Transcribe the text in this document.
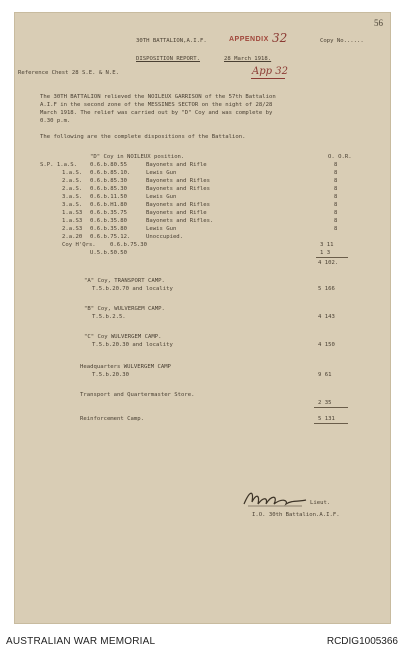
56
30TH BATTALION,A.I.F.	APPENDIX 32	Copy No......
DISPOSITION REPORT.	28 March 1918.
Reference Chest 28 S.E. & N.E.	App 32
The 30TH BATTALION relieved the NOILEUX GARRISON of the 57th Battalion
A.I.F in the second zone of the MESSINES SECTOR on the night of 28/28
March 1918. The relief was carried out by "D" Coy and was complete by
0.30 p.m.
The following are the complete dispositions of the Battalion.
"D" Coy in NOILEUX position.	O. O.R.
S.P. 1.a.S. 0.6.b.80.55	Bayonets and Rifle	8
1.a.S. 0.6.b.85.10.	Lewis Gun	8
2.a.S. 0.6.b.85.30	Bayonets and Rifles	8
2.a.S. 0.6.b.85.30	Bayonets and Rifles	8
3.a.S. 0.6.b.11.50	Lewis Gun	8
3.a.S. 0.6.b.H1.80	Bayonets and Rifles	8
1.a.S3 0.6.b.35.75	Bayonets and Rifle	8
1.a.S3 0.6.b.35.80	Bayonets and Rifles.	8
2.a.S3 0.6.b.35.80	Lewis Gun	8
2.a.20 0.6.b.75.12.	Unoccupied.
Coy H'Qrs.	0.6.b.75.30	3 11
U.5.b.50.50	1 3
4 102.
"A" Coy, TRANSPORT CAMP.
T.5.b.20.70 and locality	5 166
"B" Coy, WULVERGEM CAMP.
T.5.b.2.5.	4 143
"C" Coy WULVERGEM CAMP.
T.5.b.20.30 and locality	4 150
Headquarters WULVERGEM CAMP
T.5.b.20.30	9 61
Transport and Quartermaster Store.
2 35
Reinforcement Camp.	5 131
Lieut.
I.O. 30th Battalion.A.I.F.
AUSTRALIAN WAR MEMORIAL	RCDIG1005366
